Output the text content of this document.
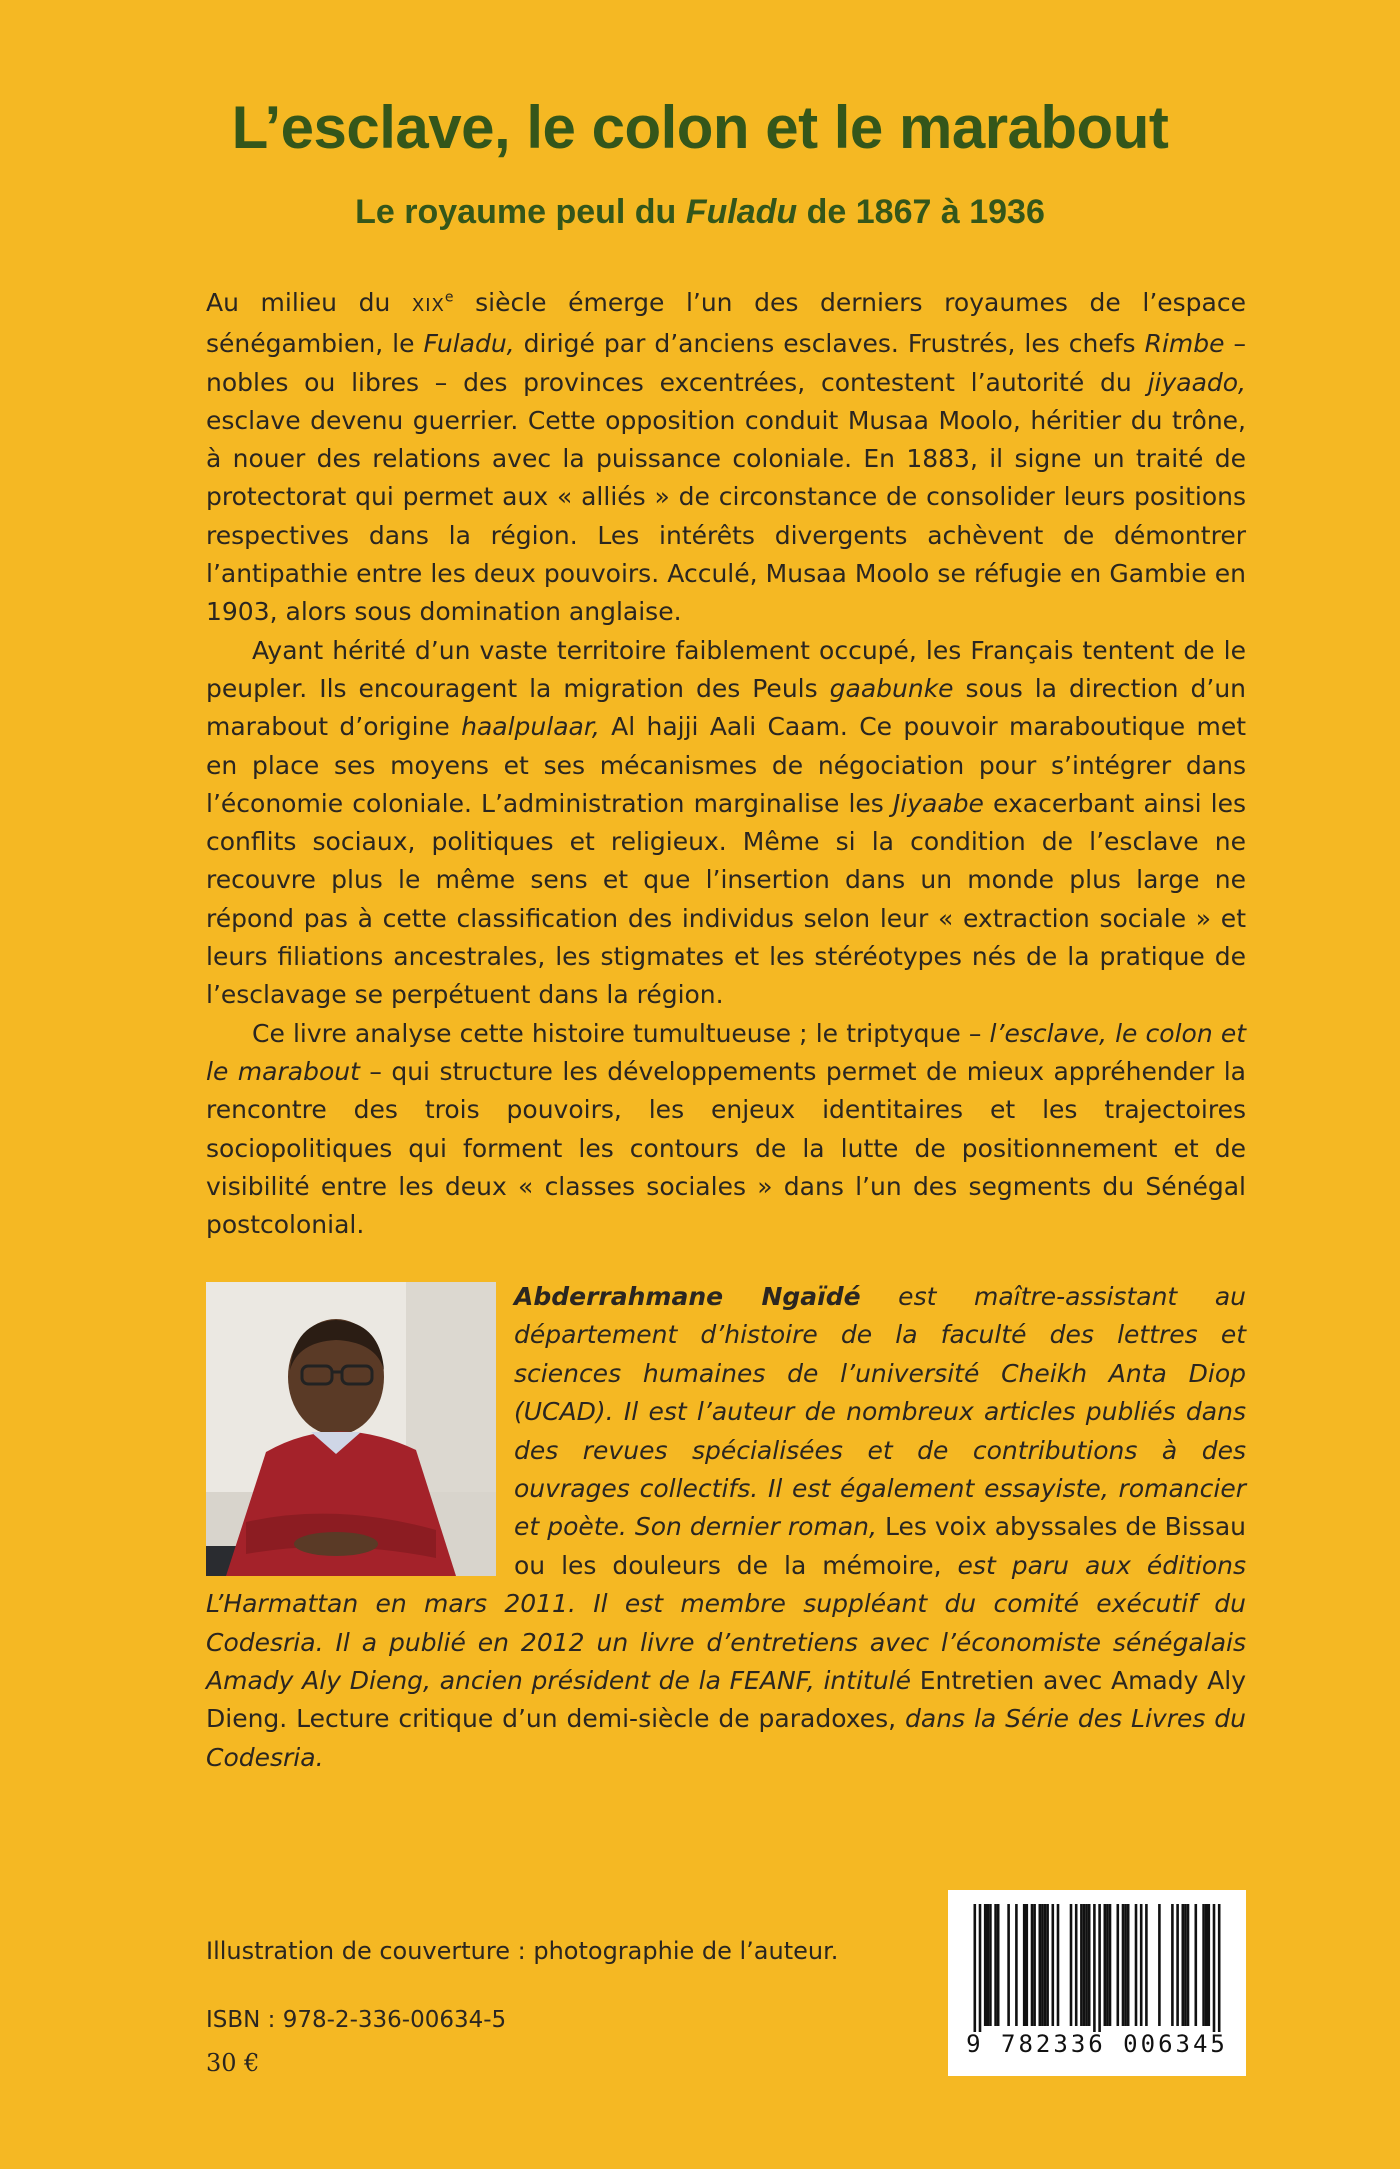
L’esclave, le colon et le marabout
Le royaume peul du Fuladu de 1867 à 1936

Au milieu du XIXe siècle émerge l’un des derniers royaumes de l’espace sénégambien, le Fuladu, dirigé par d’anciens esclaves. Frustrés, les chefs Rimbe – nobles ou libres – des provinces excentrées, contestent l’autorité du jiyaado, esclave devenu guerrier. Cette opposition conduit Musaa Moolo, héritier du trône, à nouer des relations avec la puissance coloniale. En 1883, il signe un traité de protectorat qui permet aux « alliés » de circonstance de consolider leurs positions respectives dans la région. Les intérêts divergents achèvent de démontrer l’antipathie entre les deux pouvoirs. Acculé, Musaa Moolo se réfugie en Gambie en 1903, alors sous domination anglaise.

Ayant hérité d’un vaste territoire faiblement occupé, les Français tentent de le peupler. Ils encouragent la migration des Peuls gaabunke sous la direction d’un marabout d’origine haalpulaar, Al hajji Aali Caam. Ce pouvoir maraboutique met en place ses moyens et ses mécanismes de négociation pour s’intégrer dans l’économie coloniale. L’administration marginalise les Jiyaabe exacerbant ainsi les conflits sociaux, politiques et religieux. Même si la condition de l’esclave ne recouvre plus le même sens et que l’insertion dans un monde plus large ne répond pas à cette classification des individus selon leur « extraction sociale » et leurs filiations ancestrales, les stigmates et les stéréotypes nés de la pratique de l’esclavage se perpétuent dans la région.

Ce livre analyse cette histoire tumultueuse ; le triptyque – l’esclave, le colon et le marabout – qui structure les développements permet de mieux appréhender la rencontre des trois pouvoirs, les enjeux identitaires et les trajectoires sociopolitiques qui forment les contours de la lutte de positionnement et de visibilité entre les deux « classes sociales » dans l’un des segments du Sénégal postcolonial.

Abderrahmane Ngaïdé est maître-assistant au département d’histoire de la faculté des lettres et sciences humaines de l’université Cheikh Anta Diop (UCAD). Il est l’auteur de nombreux articles publiés dans des revues spécialisées et de contributions à des ouvrages collectifs. Il est également essayiste, romancier et poète. Son dernier roman, Les voix abyssales de Bissau ou les douleurs de la mémoire, est paru aux éditions L’Harmattan en mars 2011. Il est membre suppléant du comité exécutif du Codesria. Il a publié en 2012 un livre d’entretiens avec l’économiste sénégalais Amady Aly Dieng, ancien président de la FEANF, intitulé Entretien avec Amady Aly Dieng. Lecture critique d’un demi-siècle de paradoxes, dans la Série des Livres du Codesria.
Illustration de couverture : photographie de l’auteur.
ISBN : 978-2-336-00634-5
30 €
9 782336 006345
